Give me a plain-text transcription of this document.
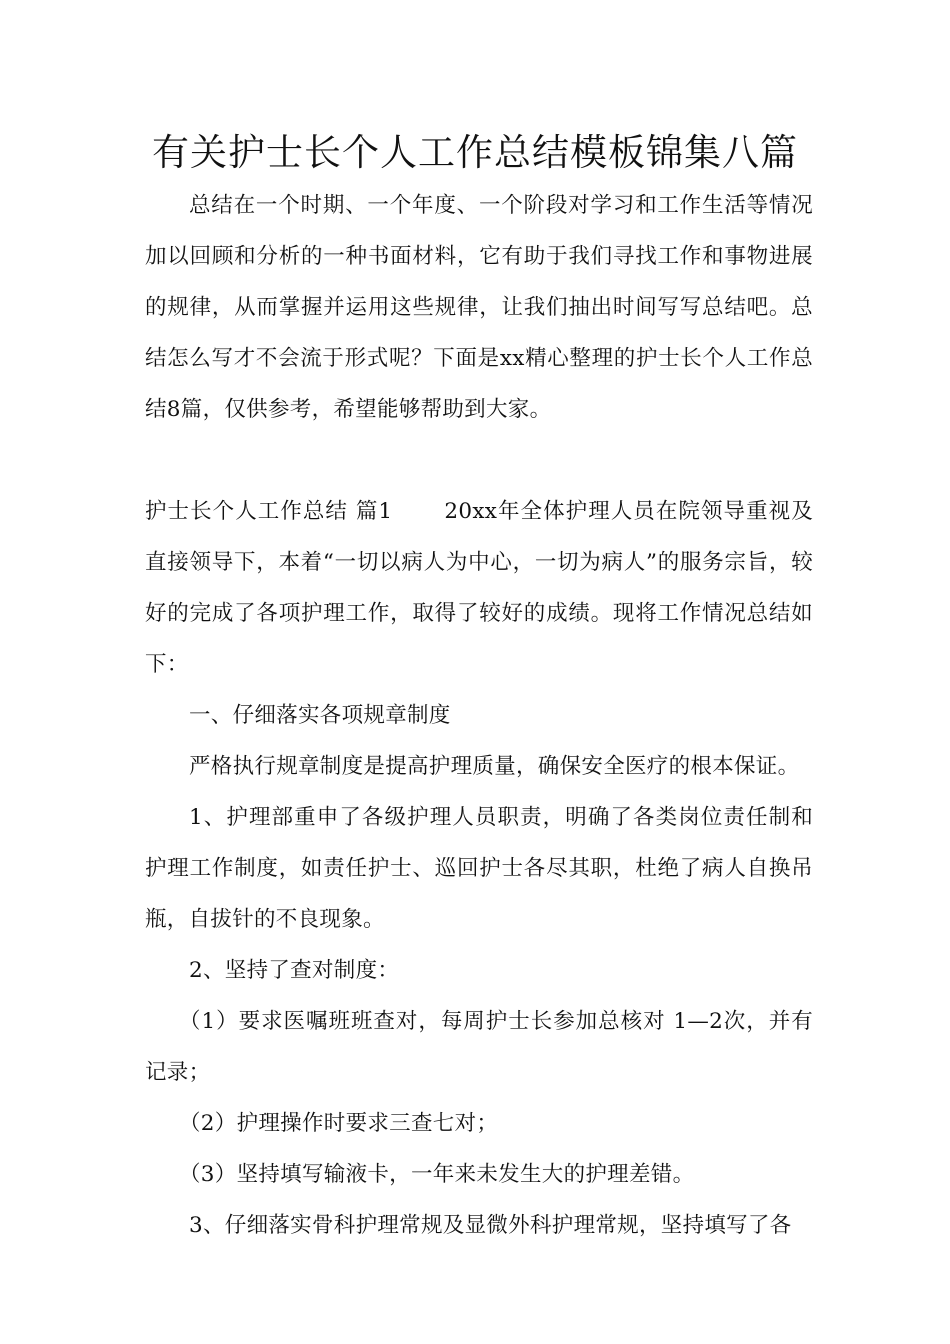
有关护士长个人工作总结模板锦集八篇

总结在一个时期、一个年度、一个阶段对学习和工作生活等情况加以回顾和分析的一种书面材料，它有助于我们寻找工作和事物进展的规律，从而掌握并运用这些规律，让我们抽出时间写写总结吧。总结怎么写才不会流于形式呢？下面是xx精心整理的护士长个人工作总结8篇，仅供参考，希望能够帮助到大家。

护士长个人工作总结 篇1 20xx年全体护理人员在院领导重视及直接领导下，本着“一切以病人为中心，一切为病人”的服务宗旨，较好的完成了各项护理工作，取得了较好的成绩。现将工作情况总结如下：

一、仔细落实各项规章制度

严格执行规章制度是提高护理质量，确保安全医疗的根本保证。

1、护理部重申了各级护理人员职责，明确了各类岗位责任制和护理工作制度，如责任护士、巡回护士各尽其职，杜绝了病人自换吊瓶，自拔针的不良现象。

2、坚持了查对制度：

（1）要求医嘱班班查对，每周护士长参加总核对 1—2次，并有记录；

（2）护理操作时要求三查七对；

（3）坚持填写输液卡，一年来未发生大的护理差错。

3、仔细落实骨科护理常规及显微外科护理常规，坚持填写了各
